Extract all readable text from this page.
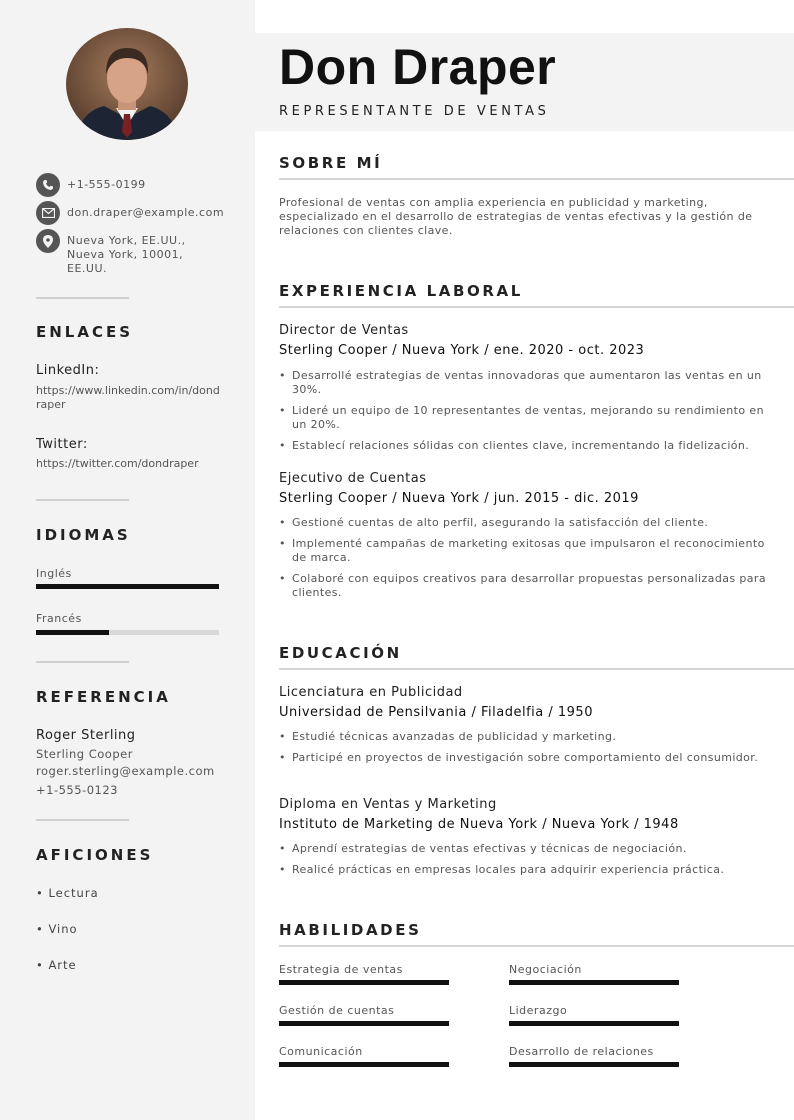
+1-555-0199
don.draper@example.com
Nueva York, EE.UU.,
Nueva York, 10001,
EE.UU.
ENLACES
LinkedIn:
https://www.linkedin.com/in/dondraper
Twitter:
https://twitter.com/dondraper
IDIOMAS
Inglés
Francés
REFERENCIA
Roger Sterling
Sterling Cooper
roger.sterling@example.com
+1-555-0123
AFICIONES
• Lectura
• Vino
• Arte
Don Draper
REPRESENTANTE DE VENTAS
SOBRE MÍ
Profesional de ventas con amplia experiencia en publicidad y marketing, especializado en el desarrollo de estrategias de ventas efectivas y la gestión de relaciones con clientes clave.
EXPERIENCIA LABORAL
Director de Ventas
Sterling Cooper / Nueva York / ene. 2020 - oct. 2023
• Desarrollé estrategias de ventas innovadoras que aumentaron las ventas en un 30%.
• Lideré un equipo de 10 representantes de ventas, mejorando su rendimiento en un 20%.
• Establecí relaciones sólidas con clientes clave, incrementando la fidelización.
Ejecutivo de Cuentas
Sterling Cooper / Nueva York / jun. 2015 - dic. 2019
• Gestioné cuentas de alto perfil, asegurando la satisfacción del cliente.
• Implementé campañas de marketing exitosas que impulsaron el reconocimiento de marca.
• Colaboré con equipos creativos para desarrollar propuestas personalizadas para clientes.
EDUCACIÓN
Licenciatura en Publicidad
Universidad de Pensilvania / Filadelfia / 1950
• Estudié técnicas avanzadas de publicidad y marketing.
• Participé en proyectos de investigación sobre comportamiento del consumidor.
Diploma en Ventas y Marketing
Instituto de Marketing de Nueva York / Nueva York / 1948
• Aprendí estrategias de ventas efectivas y técnicas de negociación.
• Realicé prácticas en empresas locales para adquirir experiencia práctica.
HABILIDADES
Estrategia de ventas	Negociación
Gestión de cuentas	Liderazgo
Comunicación	Desarrollo de relaciones
